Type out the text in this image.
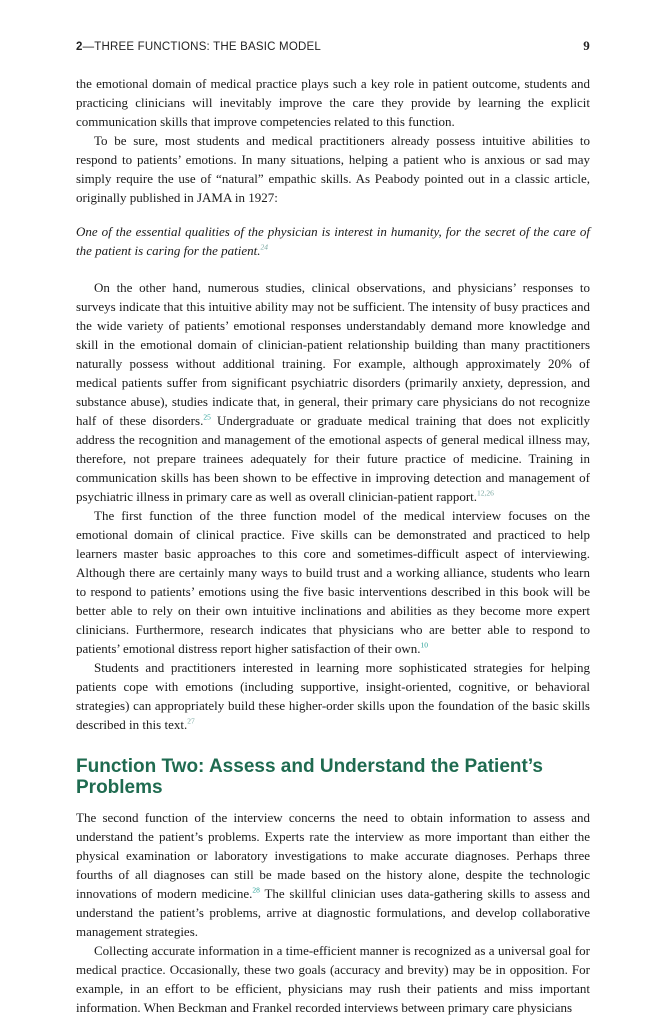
2—THREE FUNCTIONS: THE BASIC MODEL	9

the emotional domain of medical practice plays such a key role in patient outcome, students and practicing clinicians will inevitably improve the care they provide by learning the explicit communication skills that improve competencies related to this function.

To be sure, most students and medical practitioners already possess intuitive abilities to respond to patients’ emotions. In many situations, helping a patient who is anxious or sad may simply require the use of “natural” empathic skills. As Peabody pointed out in a classic article, originally published in JAMA in 1927:

One of the essential qualities of the physician is interest in humanity, for the secret of the care of the patient is caring for the patient.$^{24}$

On the other hand, numerous studies, clinical observations, and physicians’ responses to surveys indicate that this intuitive ability may not be sufficient. The intensity of busy practices and the wide variety of patients’ emotional responses understandably demand more knowledge and skill in the emotional domain of clinician-patient relationship building than many practitioners naturally possess without additional training. For example, although approximately 20% of medical patients suffer from significant psychiatric disorders (primarily anxiety, depression, and substance abuse), studies indicate that, in general, their primary care physicians do not recognize half of these disorders.$^{25}$ Undergraduate or graduate medical training that does not explicitly address the recognition and management of the emotional aspects of general medical illness may, therefore, not prepare trainees adequately for their future practice of medicine. Training in communication skills has been shown to be effective in improving detection and management of psychiatric illness in primary care as well as overall clinician-patient rapport.$^{12,26}$

The first function of the three function model of the medical interview focuses on the emotional domain of clinical practice. Five skills can be demonstrated and practiced to help learners master basic approaches to this core and sometimes-difficult aspect of interviewing. Although there are certainly many ways to build trust and a working alliance, students who learn to respond to patients’ emotions using the five basic interventions described in this book will be better able to rely on their own intuitive inclinations and abilities as they become more expert clinicians. Furthermore, research indicates that physicians who are better able to respond to patients’ emotional distress report higher satisfaction of their own.$^{10}$

Students and practitioners interested in learning more sophisticated strategies for helping patients cope with emotions (including supportive, insight-oriented, cognitive, or behavioral strategies) can appropriately build these higher-order skills upon the foundation of the basic skills described in this text.$^{27}$

Function Two: Assess and Understand the Patient’s Problems

The second function of the interview concerns the need to obtain information to assess and understand the patient’s problems. Experts rate the interview as more important than either the physical examination or laboratory investigations to make accurate diagnoses. Perhaps three fourths of all diagnoses can still be made based on the history alone, despite the technologic innovations of modern medicine.$^{28}$ The skillful clinician uses data-gathering skills to assess and understand the patient’s problems, arrive at diagnostic formulations, and develop collaborative management strategies.

Collecting accurate information in a time-efficient manner is recognized as a universal goal for medical practice. Occasionally, these two goals (accuracy and brevity) may be in opposition. For example, in an effort to be efficient, physicians may rush their patients and miss important information. When Beckman and Frankel recorded interviews between primary care physicians
